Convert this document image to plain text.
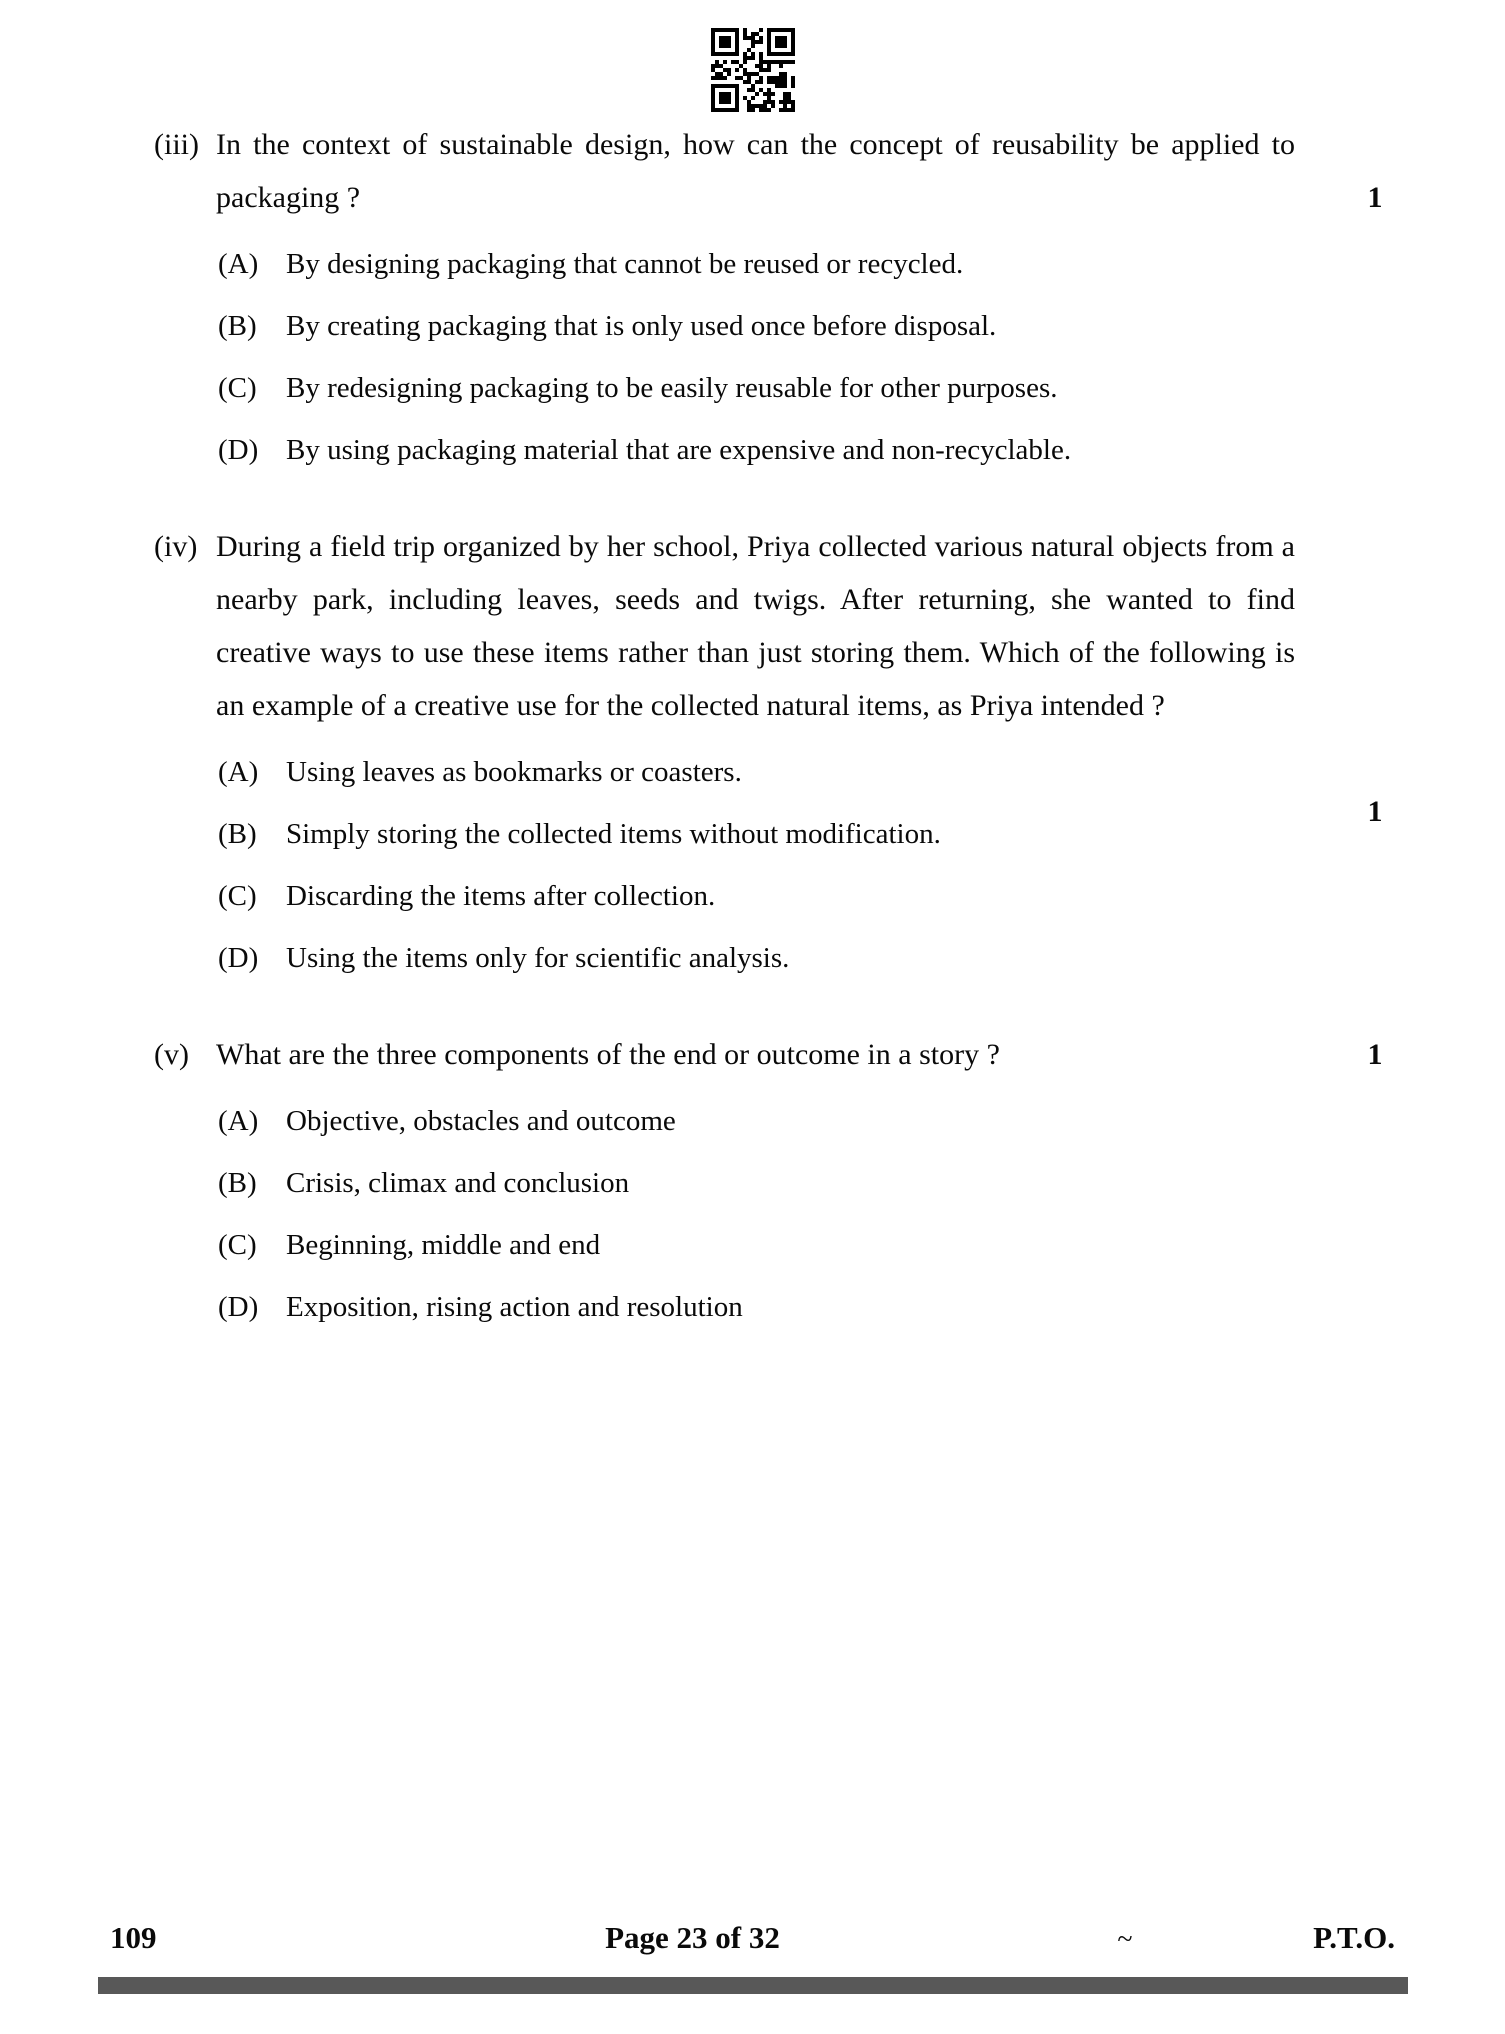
(iii) In the context of sustainable design, how can the concept of reusability be applied to packaging ?	1
(A) By designing packaging that cannot be reused or recycled.
(B)	By creating packaging that is only used once before disposal.
(C)	By redesigning packaging to be easily reusable for other purposes.
(D) By using packaging material that are expensive and non-recyclable.
(iv) During a field trip organized by her school, Priya collected various natural objects from a nearby park, including leaves, seeds and twigs. After returning, she wanted to find creative ways to use these items rather than just storing them. Which of the following is an example of a creative use for the collected natural items, as Priya intended ?
1
(A) Using leaves as bookmarks or coasters.
(B)	Simply storing the collected items without modification.
(C)	Discarding the items after collection.
(D) Using the items only for scientific analysis.
(v) What are the three components of the end or outcome in a story ?	1
(A) Objective, obstacles and outcome
(B)	Crisis, climax and conclusion
(C)	Beginning, middle and end
(D) Exposition, rising action and resolution
109	Page 23 of 32	~	P.T.O.
